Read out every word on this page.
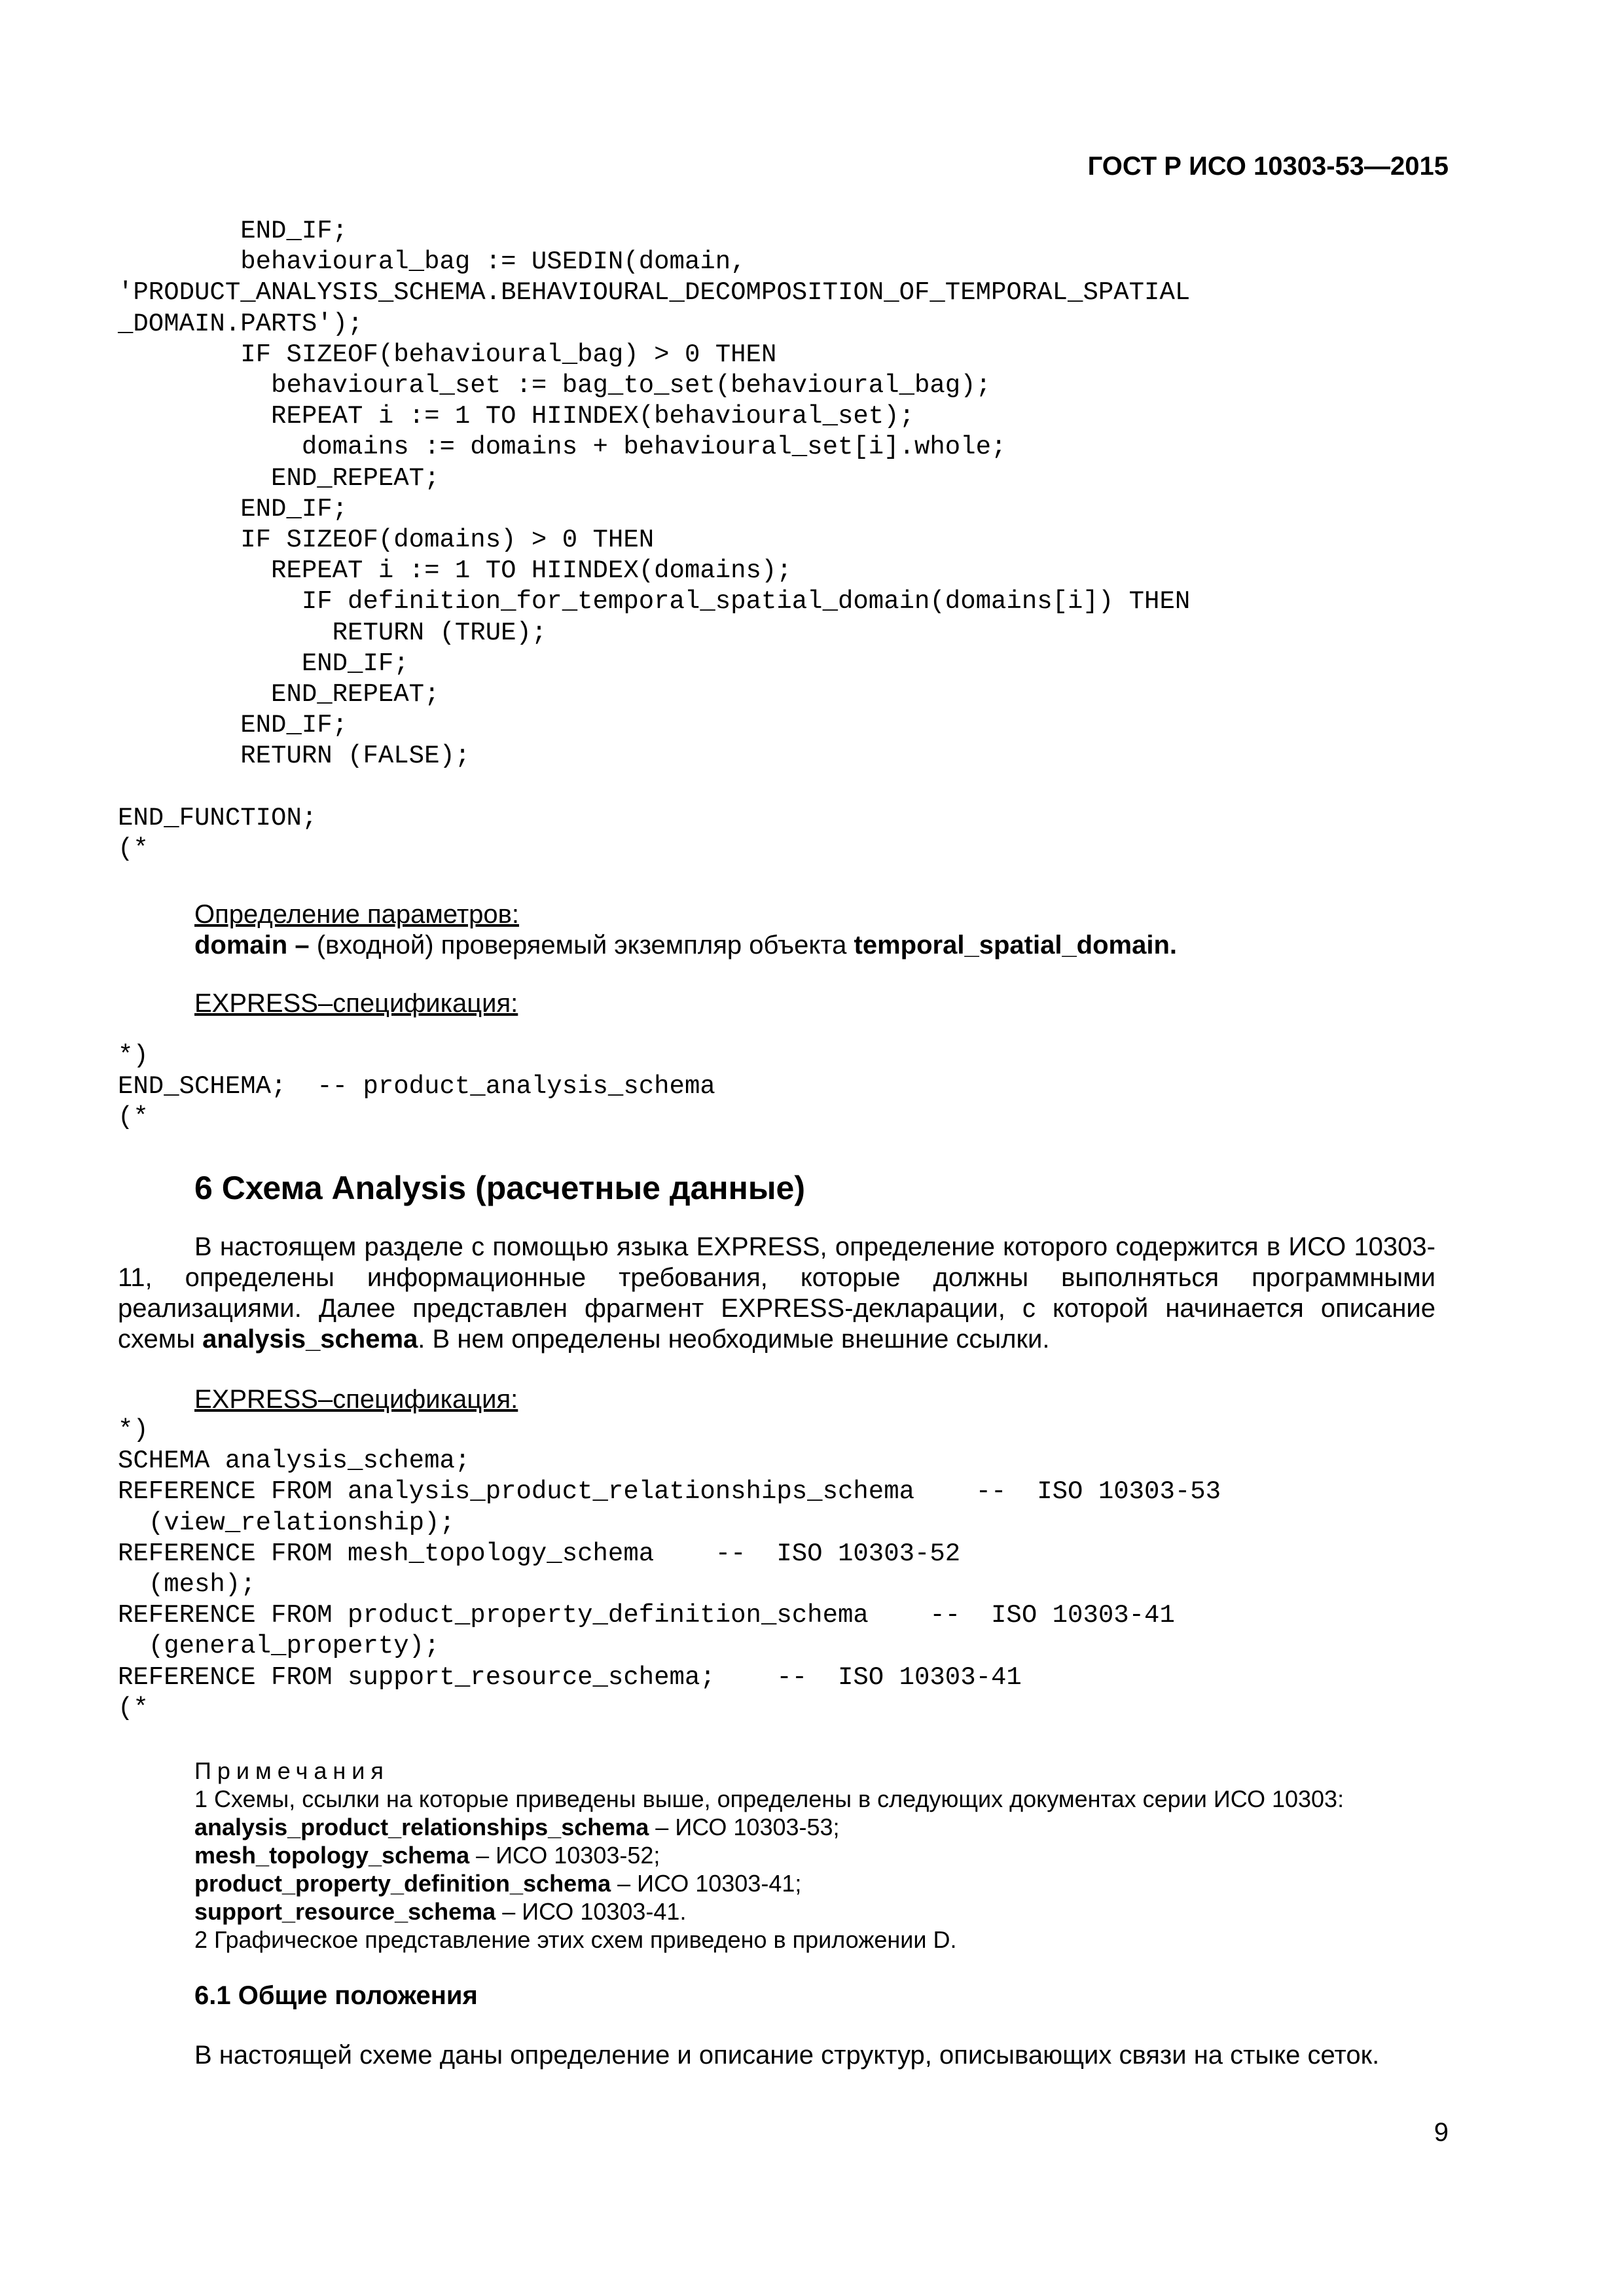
ГОСТ Р ИСО 10303-53—2015
END_IF;
behavioural_bag := USEDIN(domain,
'PRODUCT_ANALYSIS_SCHEMA.BEHAVIOURAL_DECOMPOSITION_OF_TEMPORAL_SPATIAL
_DOMAIN.PARTS');
IF SIZEOF(behavioural_bag) > 0 THEN
behavioural_set := bag_to_set(behavioural_bag);
REPEAT i := 1 TO HIINDEX(behavioural_set);
domains := domains + behavioural_set[i].whole;
END_REPEAT;
END_IF;
IF SIZEOF(domains) > 0 THEN
REPEAT i := 1 TO HIINDEX(domains);
IF definition_for_temporal_spatial_domain(domains[i]) THEN
RETURN (TRUE);
END_IF;
END_REPEAT;
END_IF;
RETURN (FALSE);

END_FUNCTION;
(*

Определение параметров:
domain – (входной) проверяемый экземпляр объекта temporal_spatial_domain.
EXPRESS–спецификация:
*)
END_SCHEMA;  -- product_analysis_schema
(*

6 Схема Analysis (расчетные данные)
В настоящем разделе с помощью языка EXPRESS, определение которого содержится в ИСО 10303-11, определены информационные требования, которые должны выполняться программными реализациями. Далее представлен фрагмент EXPRESS-декларации, с которой начинается описание схемы analysis_schema. В нем определены необходимые внешние ссылки.
EXPRESS–спецификация:
*)
SCHEMA analysis_schema;
REFERENCE FROM analysis_product_relationships_schema    --  ISO 10303-53
(view_relationship);
REFERENCE FROM mesh_topology_schema    --  ISO 10303-52
(mesh);
REFERENCE FROM product_property_definition_schema    --  ISO 10303-41
(general_property);
REFERENCE FROM support_resource_schema;    --  ISO 10303-41
(*

Примечания
1 Схемы, ссылки на которые приведены выше, определены в следующих документах серии ИСО 10303:
analysis_product_relationships_schema – ИСО 10303-53;
mesh_topology_schema – ИСО 10303-52;
product_property_definition_schema – ИСО 10303-41;
support_resource_schema – ИСО 10303-41.
2 Графическое представление этих схем приведено в приложении D.
6.1 Общие положения
В настоящей схеме даны определение и описание структур, описывающих связи на стыке сеток.
9
